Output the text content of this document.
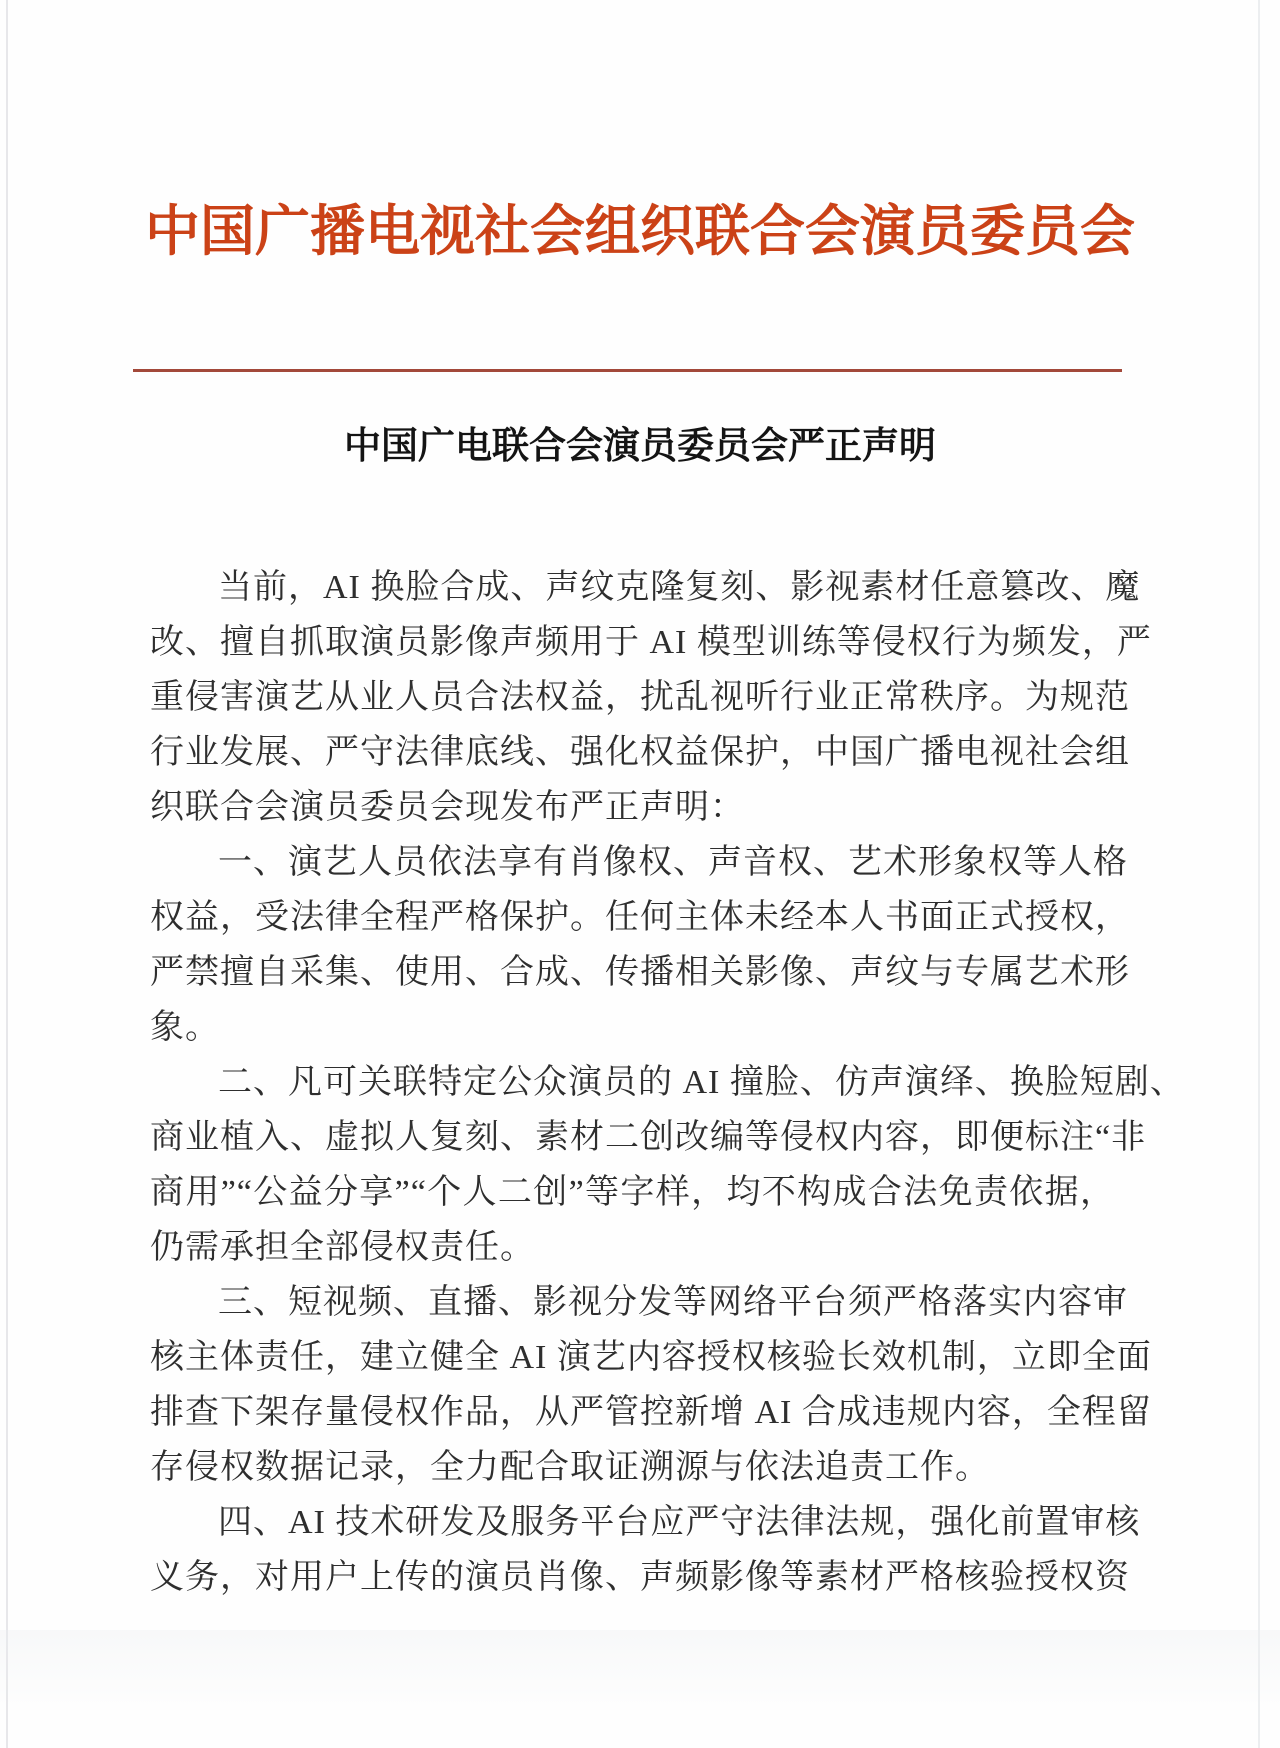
中国广播电视社会组织联合会演员委员会
中国广电联合会演员委员会严正声明
当前，AI 换脸合成、声纹克隆复刻、影视素材任意篡改、魔
改、擅自抓取演员影像声频用于 AI 模型训练等侵权行为频发，严
重侵害演艺从业人员合法权益，扰乱视听行业正常秩序。为规范
行业发展、严守法律底线、强化权益保护，中国广播电视社会组
织联合会演员委员会现发布严正声明：
一、演艺人员依法享有肖像权、声音权、艺术形象权等人格
权益，受法律全程严格保护。任何主体未经本人书面正式授权，
严禁擅自采集、使用、合成、传播相关影像、声纹与专属艺术形
象。
二、凡可关联特定公众演员的 AI 撞脸、仿声演绎、换脸短剧、
商业植入、虚拟人复刻、素材二创改编等侵权内容，即便标注“非
商用”“公益分享”“个人二创”等字样，均不构成合法免责依据，
仍需承担全部侵权责任。
三、短视频、直播、影视分发等网络平台须严格落实内容审
核主体责任，建立健全 AI 演艺内容授权核验长效机制，立即全面
排查下架存量侵权作品，从严管控新增 AI 合成违规内容，全程留
存侵权数据记录，全力配合取证溯源与依法追责工作。
四、AI 技术研发及服务平台应严守法律法规，强化前置审核
义务，对用户上传的演员肖像、声频影像等素材严格核验授权资
